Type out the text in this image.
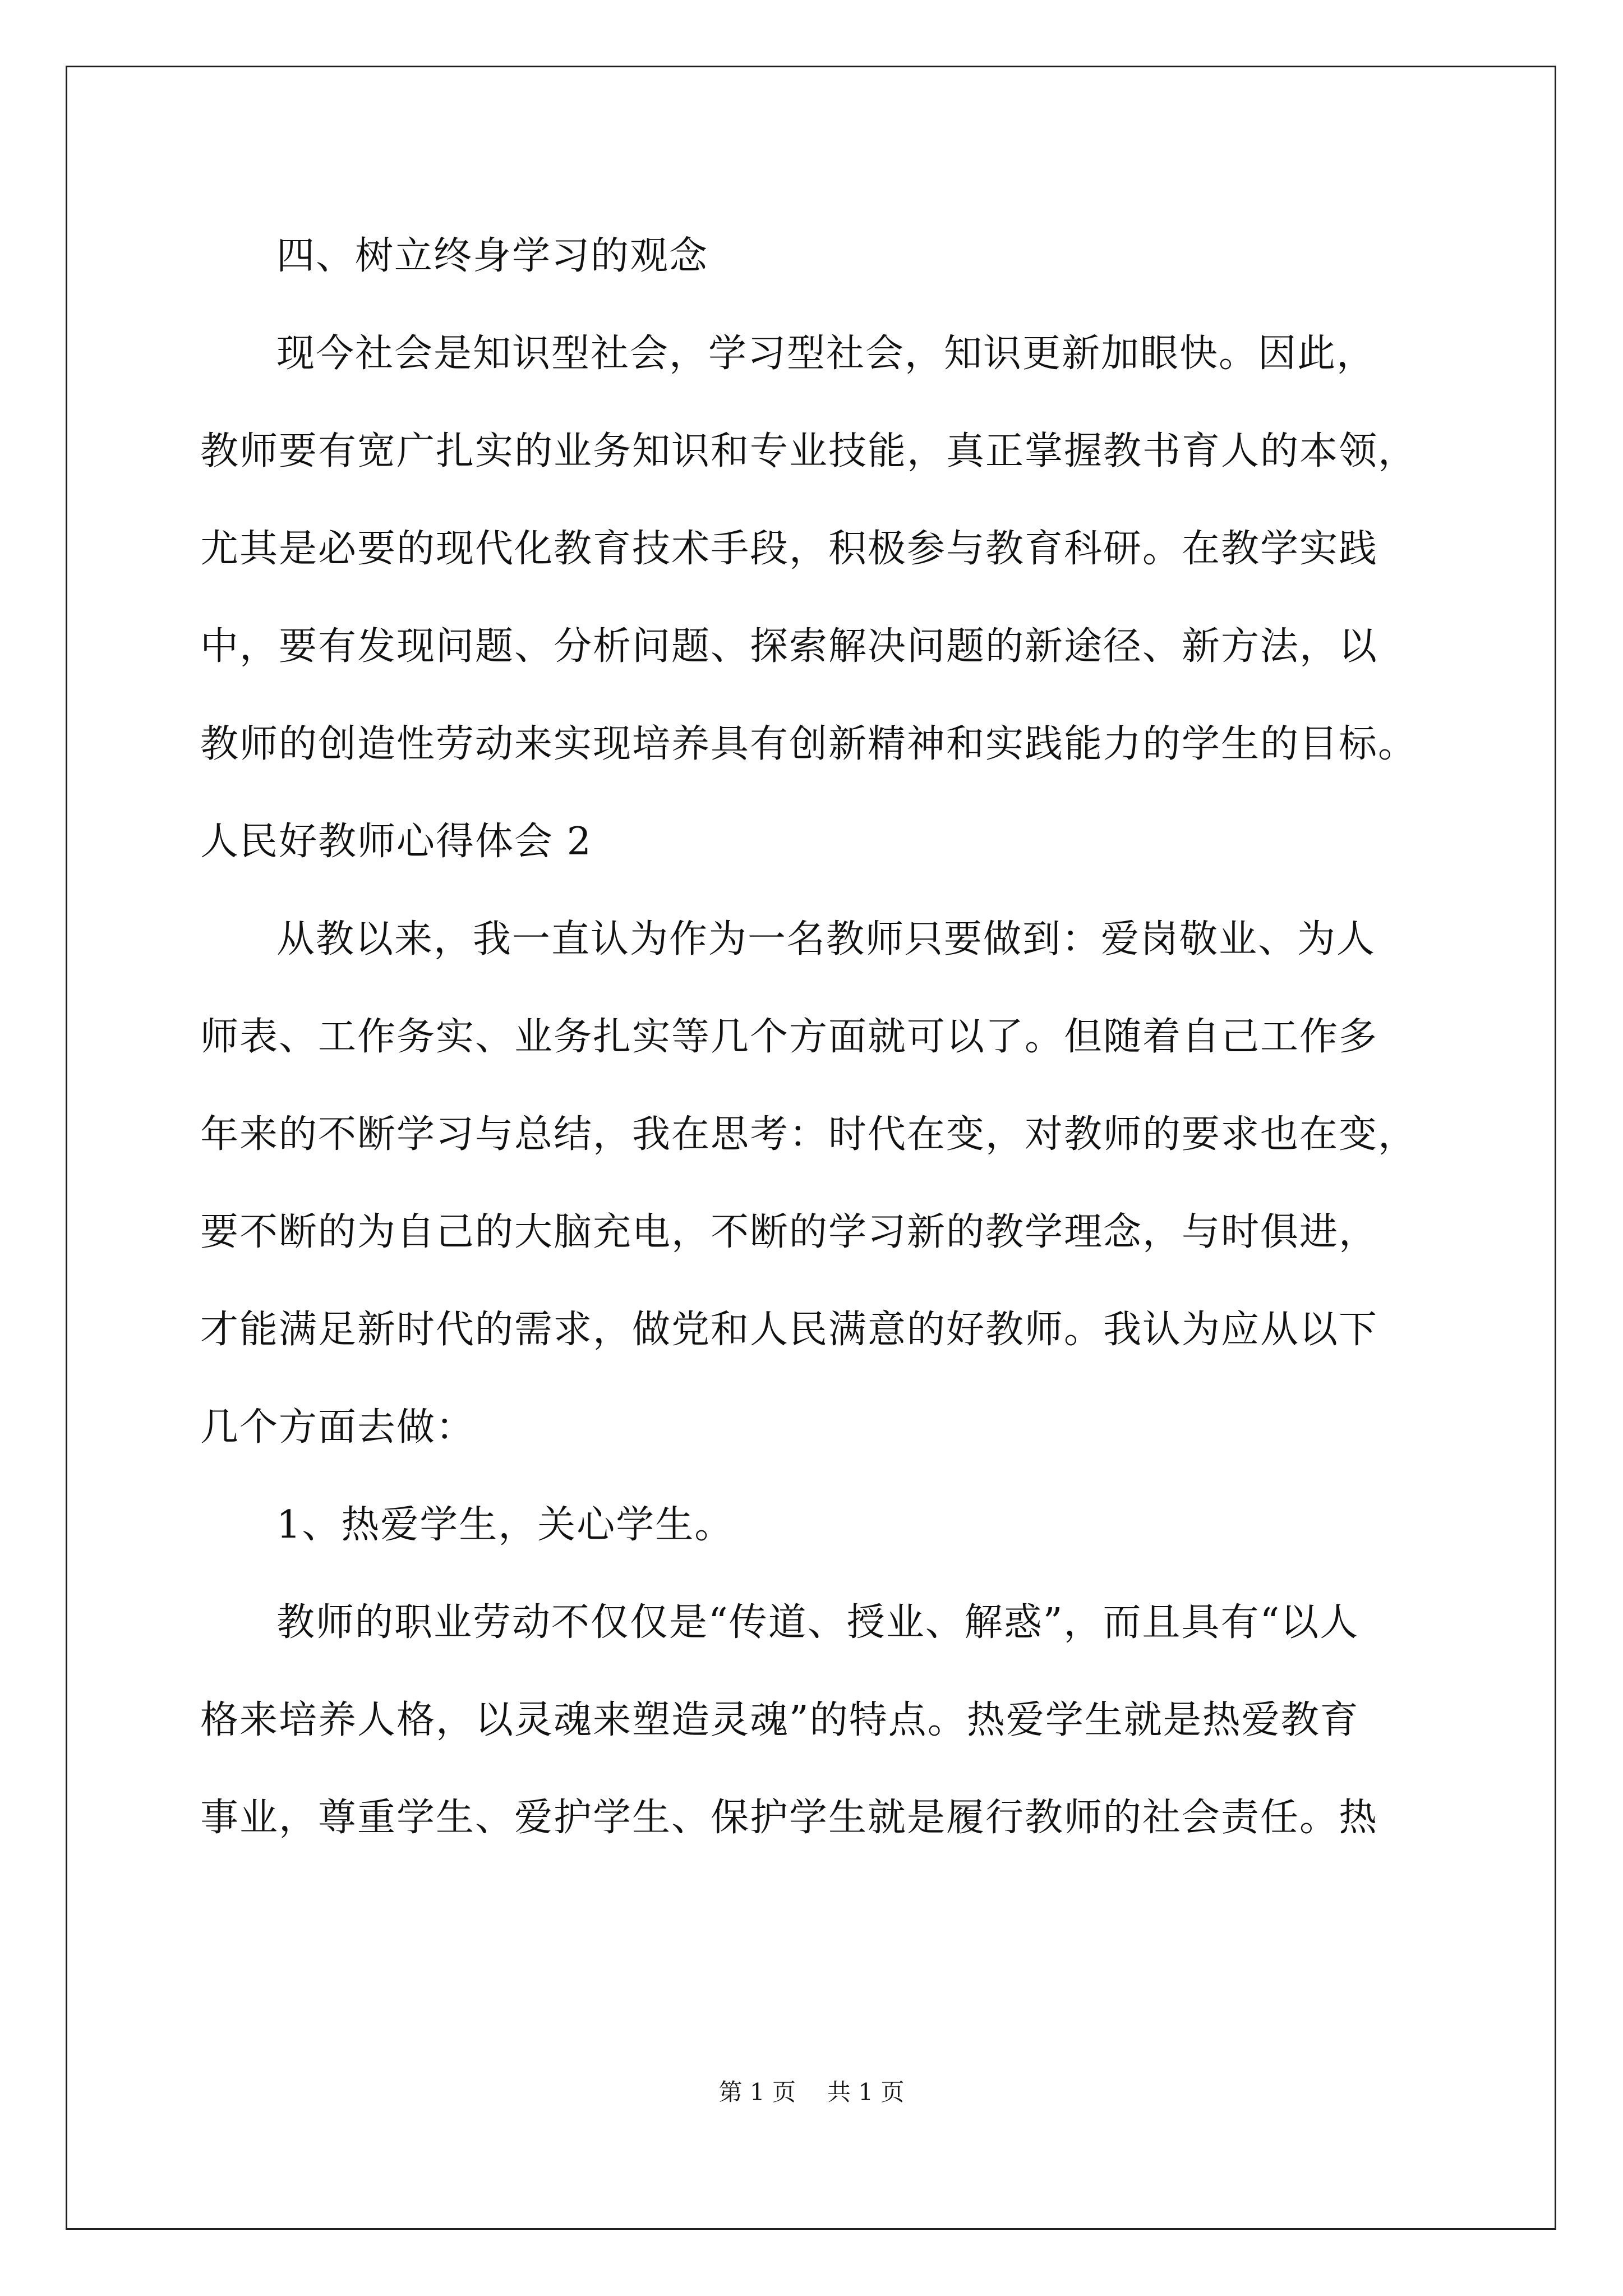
四、树立终身学习的观念
现今社会是知识型社会，学习型社会，知识更新加眼快。因此，
教师要有宽广扎实的业务知识和专业技能，真正掌握教书育人的本领，
尤其是必要的现代化教育技术手段，积极参与教育科研。在教学实践
中，要有发现问题、分析问题、探索解决问题的新途径、新方法，以
教师的创造性劳动来实现培养具有创新精神和实践能力的学生的目标。
人民好教师心得体会 2
从教以来，我一直认为作为一名教师只要做到：爱岗敬业、为人
师表、工作务实、业务扎实等几个方面就可以了。但随着自己工作多
年来的不断学习与总结，我在思考：时代在变，对教师的要求也在变，
要不断的为自己的大脑充电，不断的学习新的教学理念，与时俱进，
才能满足新时代的需求，做党和人民满意的好教师。我认为应从以下
几个方面去做：
1、热爱学生，关心学生。
教师的职业劳动不仅仅是“传道、授业、解惑”，而且具有“以人
格来培养人格，以灵魂来塑造灵魂”的特点。热爱学生就是热爱教育
事业，尊重学生、爱护学生、保护学生就是履行教师的社会责任。热
第 1 页 共 1 页
